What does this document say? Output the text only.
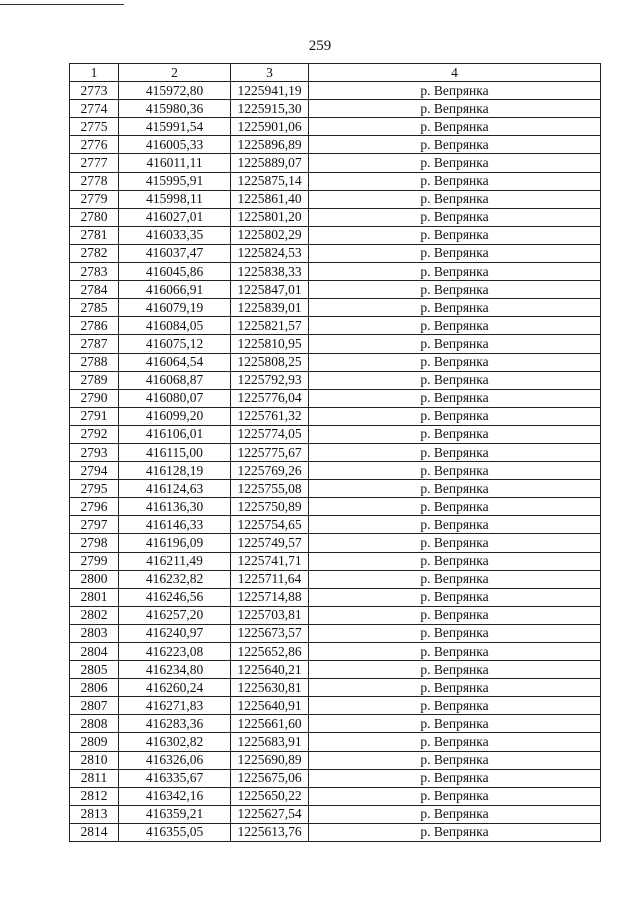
259
1	2	3	4
2773	415972,80	1225941,19	р. Вепрянка
2774	415980,36	1225915,30	р. Вепрянка
2775	415991,54	1225901,06	р. Вепрянка
2776	416005,33	1225896,89	р. Вепрянка
2777	416011,11	1225889,07	р. Вепрянка
2778	415995,91	1225875,14	р. Вепрянка
2779	415998,11	1225861,40	р. Вепрянка
2780	416027,01	1225801,20	р. Вепрянка
2781	416033,35	1225802,29	р. Вепрянка
2782	416037,47	1225824,53	р. Вепрянка
2783	416045,86	1225838,33	р. Вепрянка
2784	416066,91	1225847,01	р. Вепрянка
2785	416079,19	1225839,01	р. Вепрянка
2786	416084,05	1225821,57	р. Вепрянка
2787	416075,12	1225810,95	р. Вепрянка
2788	416064,54	1225808,25	р. Вепрянка
2789	416068,87	1225792,93	р. Вепрянка
2790	416080,07	1225776,04	р. Вепрянка
2791	416099,20	1225761,32	р. Вепрянка
2792	416106,01	1225774,05	р. Вепрянка
2793	416115,00	1225775,67	р. Вепрянка
2794	416128,19	1225769,26	р. Вепрянка
2795	416124,63	1225755,08	р. Вепрянка
2796	416136,30	1225750,89	р. Вепрянка
2797	416146,33	1225754,65	р. Вепрянка
2798	416196,09	1225749,57	р. Вепрянка
2799	416211,49	1225741,71	р. Вепрянка
2800	416232,82	1225711,64	р. Вепрянка
2801	416246,56	1225714,88	р. Вепрянка
2802	416257,20	1225703,81	р. Вепрянка
2803	416240,97	1225673,57	р. Вепрянка
2804	416223,08	1225652,86	р. Вепрянка
2805	416234,80	1225640,21	р. Вепрянка
2806	416260,24	1225630,81	р. Вепрянка
2807	416271,83	1225640,91	р. Вепрянка
2808	416283,36	1225661,60	р. Вепрянка
2809	416302,82	1225683,91	р. Вепрянка
2810	416326,06	1225690,89	р. Вепрянка
2811	416335,67	1225675,06	р. Вепрянка
2812	416342,16	1225650,22	р. Вепрянка
2813	416359,21	1225627,54	р. Вепрянка
2814	416355,05	1225613,76	р. Вепрянка
